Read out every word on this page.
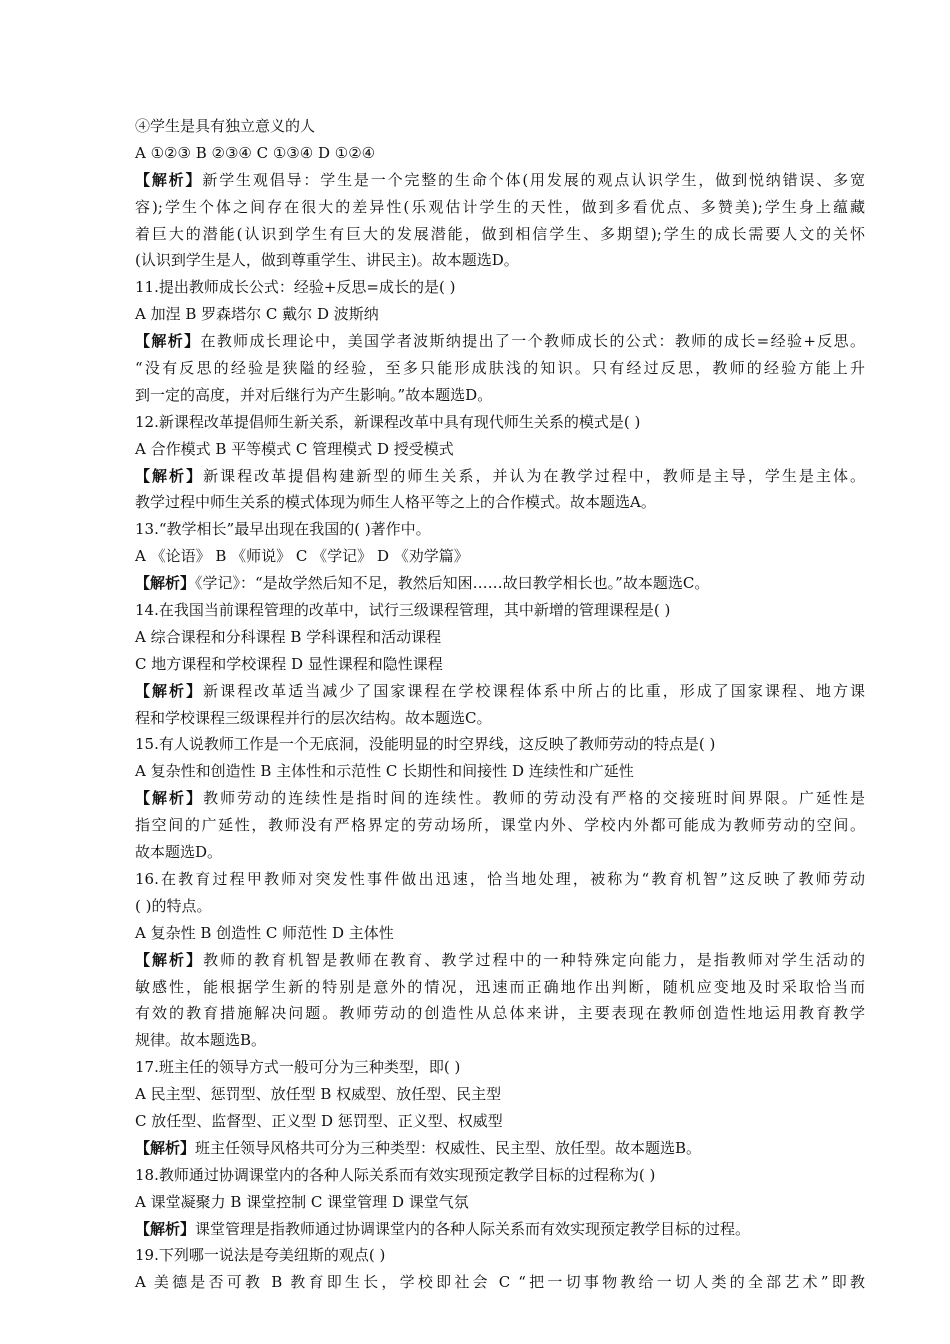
④学生是具有独立意义的人
A ①②③ B ②③④ C ①③④ D ①②④
【解析】新学生观倡导：学生是一个完整的生命个体(用发展的观点认识学生，做到悦纳错误、多宽
容);学生个体之间存在很大的差异性(乐观估计学生的天性，做到多看优点、多赞美);学生身上蕴藏
着巨大的潜能(认识到学生有巨大的发展潜能，做到相信学生、多期望);学生的成长需要人文的关怀
(认识到学生是人，做到尊重学生、讲民主)。故本题选D。
11.提出教师成长公式：经验+反思=成长的是( )
A 加涅 B 罗森塔尔 C 戴尔 D 波斯纳
【解析】在教师成长理论中，美国学者波斯纳提出了一个教师成长的公式：教师的成长=经验+反思。
“没有反思的经验是狭隘的经验，至多只能形成肤浅的知识。只有经过反思，教师的经验方能上升
到一定的高度，并对后继行为产生影响。”故本题选D。
12.新课程改革提倡师生新关系，新课程改革中具有现代师生关系的模式是( )
A 合作模式 B 平等模式 C 管理模式 D 授受模式
【解析】新课程改革提倡构建新型的师生关系，并认为在教学过程中，教师是主导，学生是主体。
教学过程中师生关系的模式体现为师生人格平等之上的合作模式。故本题选A。
13.“教学相长”最早出现在我国的( )著作中。
A 《论语》 B 《师说》 C 《学记》 D 《劝学篇》
【解析】《学记》：“是故学然后知不足，教然后知困……故曰教学相长也。”故本题选C。
14.在我国当前课程管理的改革中，试行三级课程管理，其中新增的管理课程是( )
A 综合课程和分科课程 B 学科课程和活动课程
C 地方课程和学校课程 D 显性课程和隐性课程
【解析】新课程改革适当减少了国家课程在学校课程体系中所占的比重，形成了国家课程、地方课
程和学校课程三级课程并行的层次结构。故本题选C。
15.有人说教师工作是一个无底洞，没能明显的时空界线，这反映了教师劳动的特点是( )
A 复杂性和创造性 B 主体性和示范性 C 长期性和间接性 D 连续性和广延性
【解析】教师劳动的连续性是指时间的连续性。教师的劳动没有严格的交接班时间界限。广延性是
指空间的广延性，教师没有严格界定的劳动场所，课堂内外、学校内外都可能成为教师劳动的空间。
故本题选D。
16.在教育过程甲教师对突发性事件做出迅速，恰当地处理，被称为“教育机智”这反映了教师劳动
( )的特点。
A 复杂性 B 创造性 C 师范性 D 主体性
【解析】教师的教育机智是教师在教育、教学过程中的一种特殊定向能力，是指教师对学生活动的
敏感性，能根据学生新的特别是意外的情况，迅速而正确地作出判断，随机应变地及时采取恰当而
有效的教育措施解决问题。教师劳动的创造性从总体来讲，主要表现在教师创造性地运用教育教学
规律。故本题选B。
17.班主任的领导方式一般可分为三种类型，即( )
A 民主型、惩罚型、放任型 B 权威型、放任型、民主型
C 放任型、监督型、正义型 D 惩罚型、正义型、权威型
【解析】班主任领导风格共可分为三种类型：权威性、民主型、放任型。故本题选B。
18.教师通过协调课堂内的各种人际关系而有效实现预定教学目标的过程称为( )
A 课堂凝聚力 B 课堂控制 C 课堂管理 D 课堂气氛
【解析】课堂管理是指教师通过协调课堂内的各种人际关系而有效实现预定教学目标的过程。
19.下列哪一说法是夸美纽斯的观点( )
A 美德是否可教 B 教育即生长，学校即社会 C “把一切事物教给一切人类的全部艺术”即教
